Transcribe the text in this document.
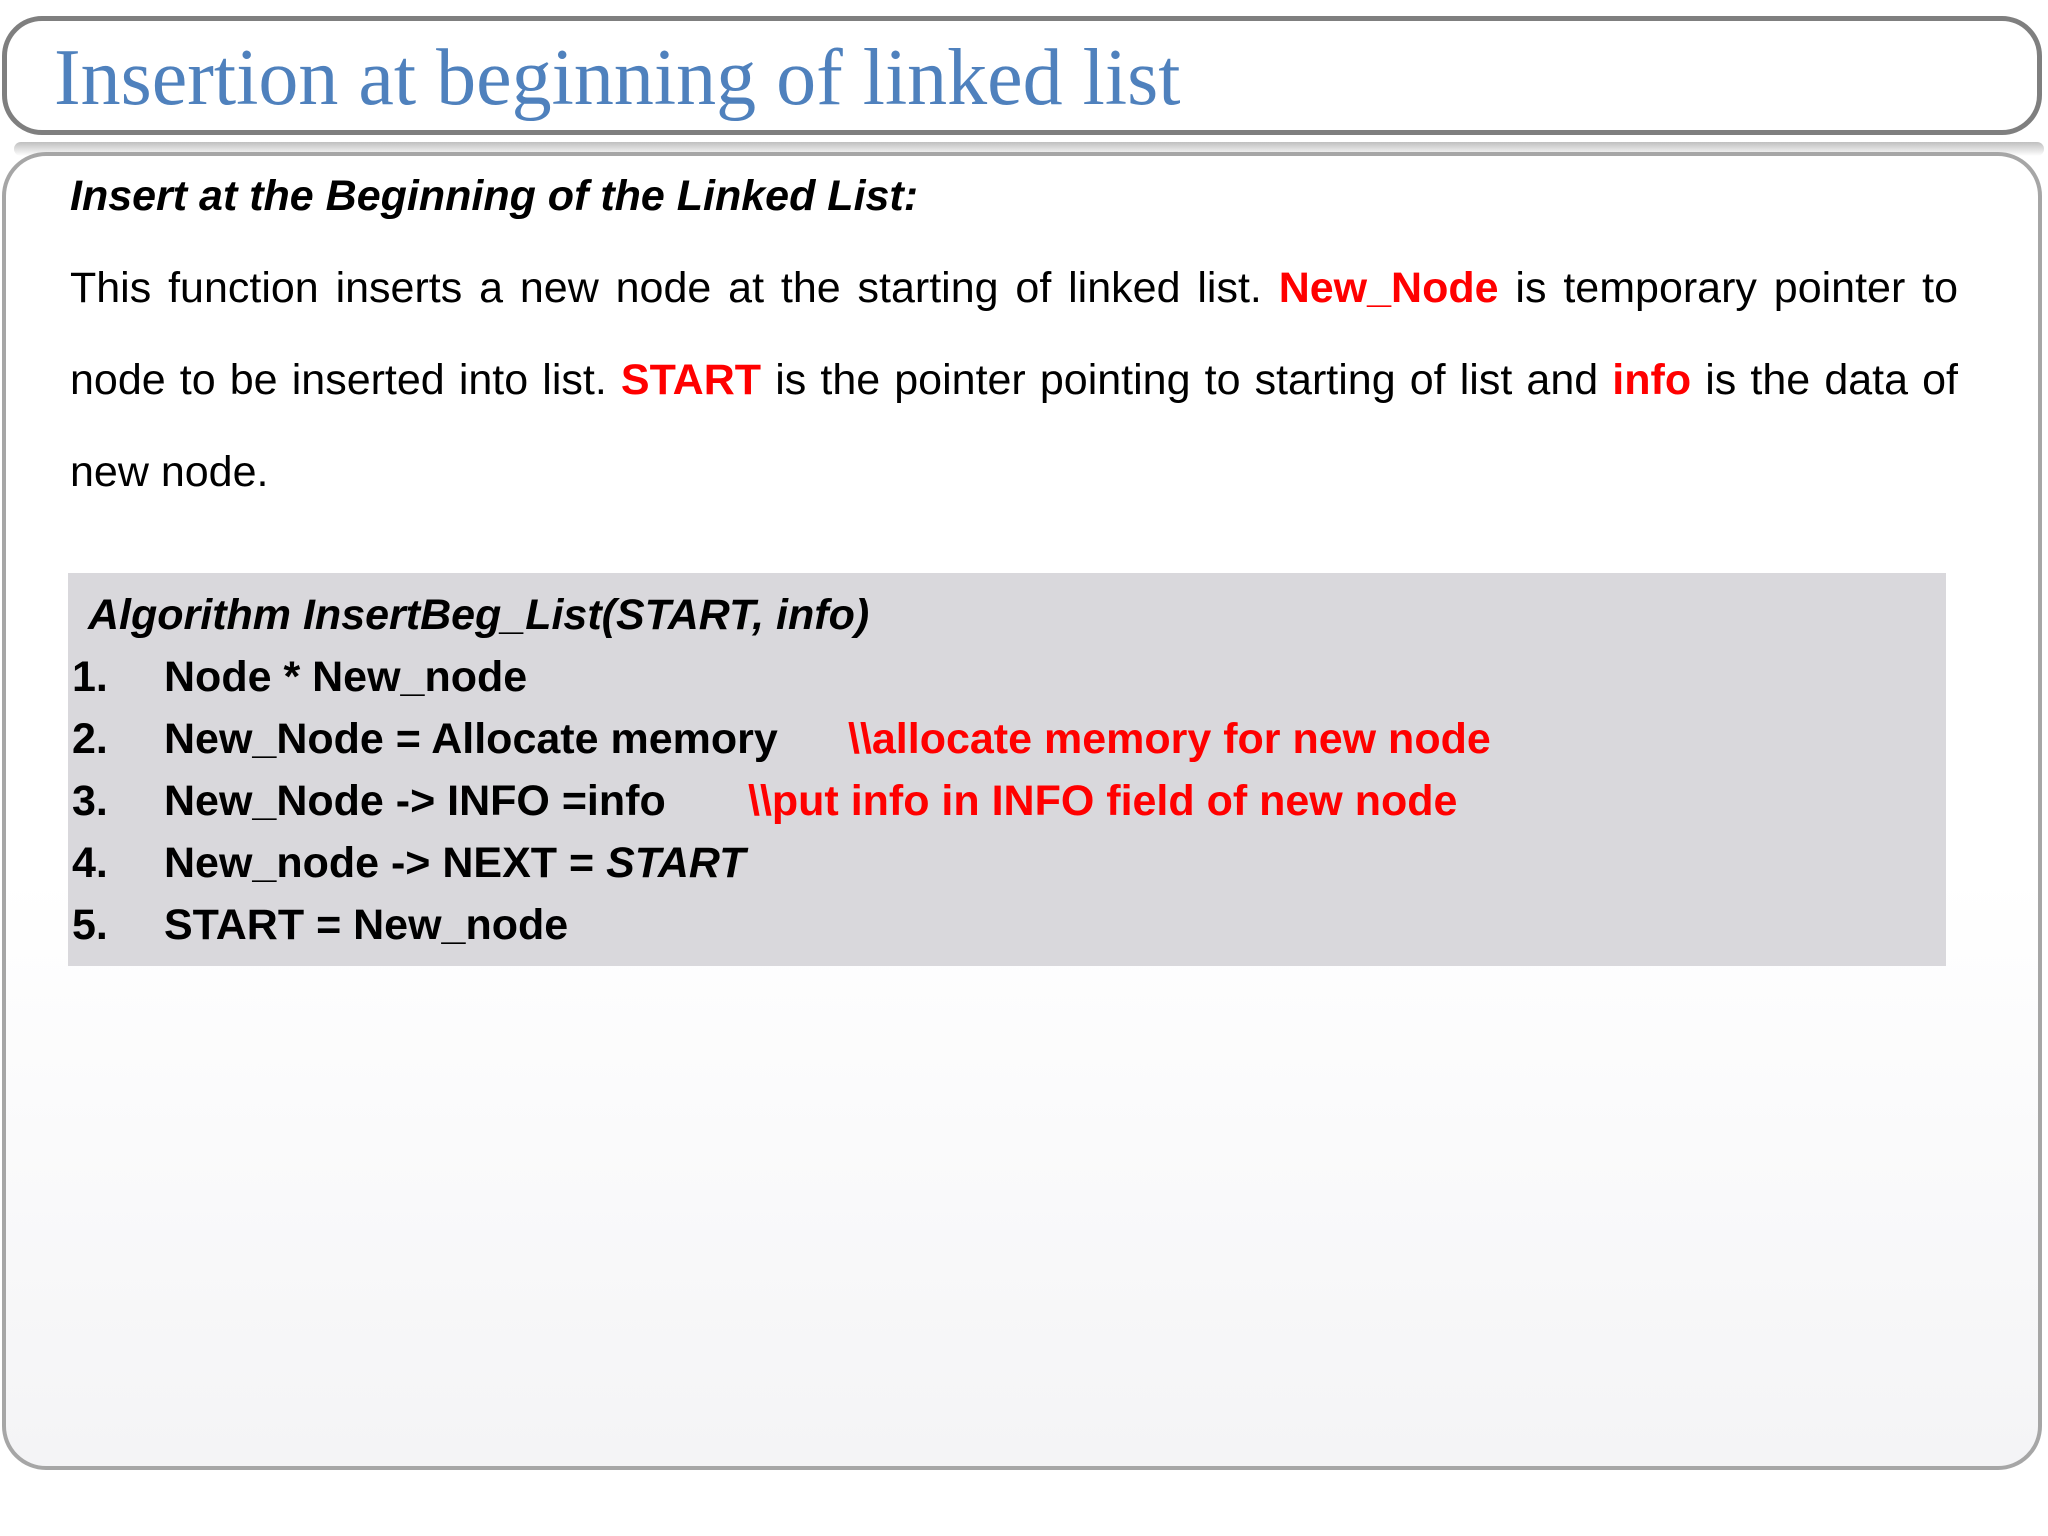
Insertion at beginning of linked list

Insert at the Beginning of the Linked List:

This function inserts a new node at the starting of linked list. New_Node is temporary pointer to node to be inserted into list. START is the pointer pointing to starting of list and info is the data of new node.

Algorithm InsertBeg_List(START, info)

1. Node * New_node
2. New_Node = Allocate memory \\allocate memory for new node
3. New_Node -> INFO =info \\put info in INFO field of new node
4. New_node -> NEXT = START
5. START = New_node
